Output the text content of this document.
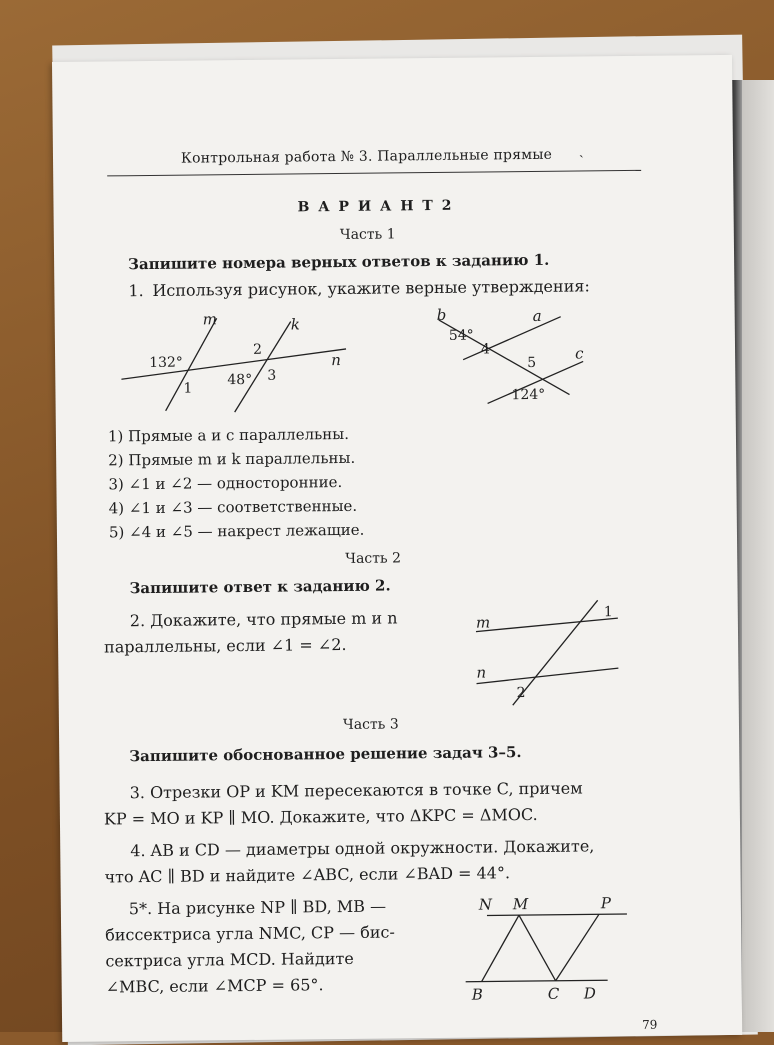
Контрольная работа № 3. Параллельные прямые ˎ
В А Р И А Н Т 2
Часть 1
Запишите номера верных ответов к заданию 1.
1. Используя рисунок, укажите верные утверждения:
m	k
n
132°
1
2
48° 3
b	a
c
54°
4
5
124°
1) Прямые a и c параллельны.
2) Прямые m и k параллельны.
3) ∠1 и ∠2 — односторонние.
4) ∠1 и ∠3 — соответственные.
5) ∠4 и ∠5 — накрест лежащие.
Часть 2
Запишите ответ к заданию 2.
2. Докажите, что прямые m и n
параллельны, если ∠1 = ∠2.
m
n
1
2
Часть 3
Запишите обоснованное решение задач 3–5.
3. Отрезки OP и KM пересекаются в точке C, причем
KP = MO и KP ∥ MO. Докажите, что ΔKPC = ΔMOC.
4. AB и CD — диаметры одной окружности. Докажите,
что AC ∥ BD и найдите ∠ABC, если ∠BAD = 44°.
5*. На рисунке NP ∥ BD, MB —
биссектриса угла NMC, CP — бис-
сектриса угла MCD. Найдите
∠MBC, если ∠MCP = 65°.
N M	P
B	C D
79
